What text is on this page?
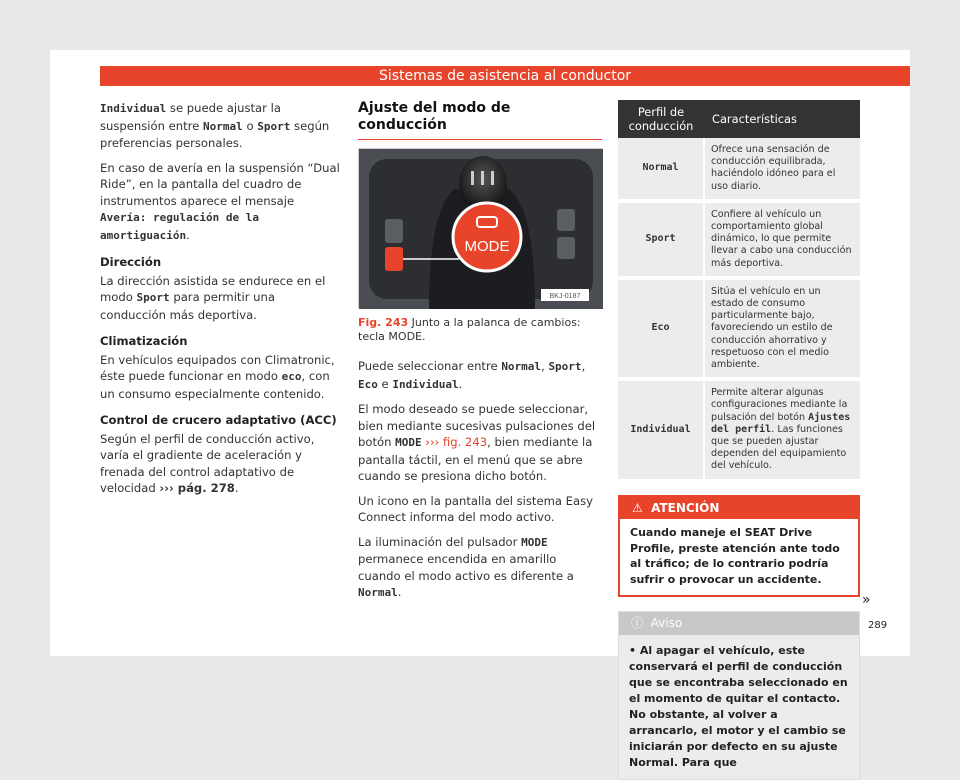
Sistemas de asistencia al conductor

Individual se puede ajustar la suspensión entre Normal o Sport según preferencias personales.

En caso de avería en la suspensión “Dual Ride”, en la pantalla del cuadro de instrumentos aparece el mensaje Avería: regulación de la amortiguación.

Dirección

La dirección asistida se endurece en el modo Sport para permitir una conducción más deportiva.

Climatización

En vehículos equipados con Climatronic, éste puede funcionar en modo eco, con un consumo especialmente contenido.

Control de crucero adaptativo (ACC)

Según el perfil de conducción activo, varía el gradiente de aceleración y frenada del control adaptativo de velocidad ››› pág. 278.

Ajuste del modo de conducción
MODE
BKJ-0187
Fig. 243 Junto a la palanca de cambios: tecla MODE.

Puede seleccionar entre Normal, Sport, Eco e Individual.

El modo deseado se puede seleccionar, bien mediante sucesivas pulsaciones del botón MODE ››› fig. 243, bien mediante la pantalla táctil, en el menú que se abre cuando se presiona dicho botón.

Un icono en la pantalla del sistema Easy Connect informa del modo activo.

La iluminación del pulsador MODE permanece encendida en amarillo cuando el modo activo es diferente a Normal.

Perfil de conducción	Características
Normal	Ofrece una sensación de conducción equilibrada, haciéndolo idóneo para el uso diario.
Sport	Confiere al vehículo un comportamiento global dinámico, lo que permite llevar a cabo una conducción más deportiva.
Eco	Sitúa el vehículo en un estado de consumo particularmente bajo, favoreciendo un estilo de conducción ahorrativo y respetuoso con el medio ambiente.
Individual	Permite alterar algunas configuraciones mediante la pulsación del botón Ajustes del perfil. Las funciones que se pueden ajustar dependen del equipamiento del vehículo.
⚠ ATENCIÓN
Cuando maneje el SEAT Drive Profile, preste atención ante todo al tráfico; de lo contrario podría sufrir o provocar un accidente.
ⓘ Aviso
• Al apagar el vehículo, este conservará el perfil de conducción que se encontraba seleccionado en el momento de quitar el contacto. No obstante, al volver a arrancarlo, el motor y el cambio se iniciarán por defecto en su ajuste Normal. Para que
»
289
